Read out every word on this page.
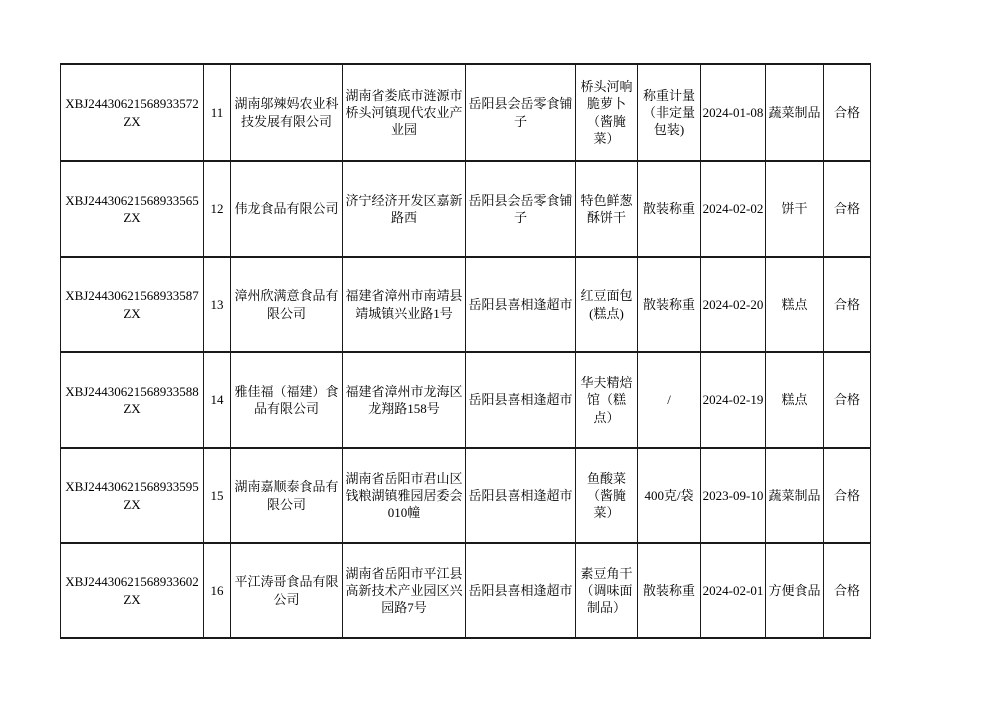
XBJ24430621568933572ZX	11	湖南邬辣妈农业科技发展有限公司	湖南省娄底市涟源市桥头河镇现代农业产业园	岳阳县会岳零食铺子	桥头河响脆萝卜（酱腌菜）	称重计量（非定量包装)	2024-01-08	蔬菜制品	合格
XBJ24430621568933565ZX	12	伟龙食品有限公司	济宁经济开发区嘉新路西	岳阳县会岳零食铺子	特色鲜葱酥饼干	散装称重	2024-02-02	饼干	合格
XBJ24430621568933587ZX	13	漳州欣满意食品有限公司	福建省漳州市南靖县靖城镇兴业路1号	岳阳县喜相逢超市	红豆面包(糕点)	散装称重	2024-02-20	糕点	合格
XBJ24430621568933588ZX	14	雅佳福（福建）食品有限公司	福建省漳州市龙海区龙翔路158号	岳阳县喜相逢超市	华夫精焙馆（糕点）	/	2024-02-19	糕点	合格
XBJ24430621568933595ZX	15	湖南嘉顺泰食品有限公司	湖南省岳阳市君山区钱粮湖镇雅园居委会010幢	岳阳县喜相逢超市	鱼酸菜（酱腌菜）	400克/袋	2023-09-10	蔬菜制品	合格
XBJ24430621568933602ZX	16	平江涛哥食品有限公司	湖南省岳阳市平江县高新技术产业园区兴园路7号	岳阳县喜相逢超市	素豆角干（调味面制品）	散装称重	2024-02-01	方便食品	合格
